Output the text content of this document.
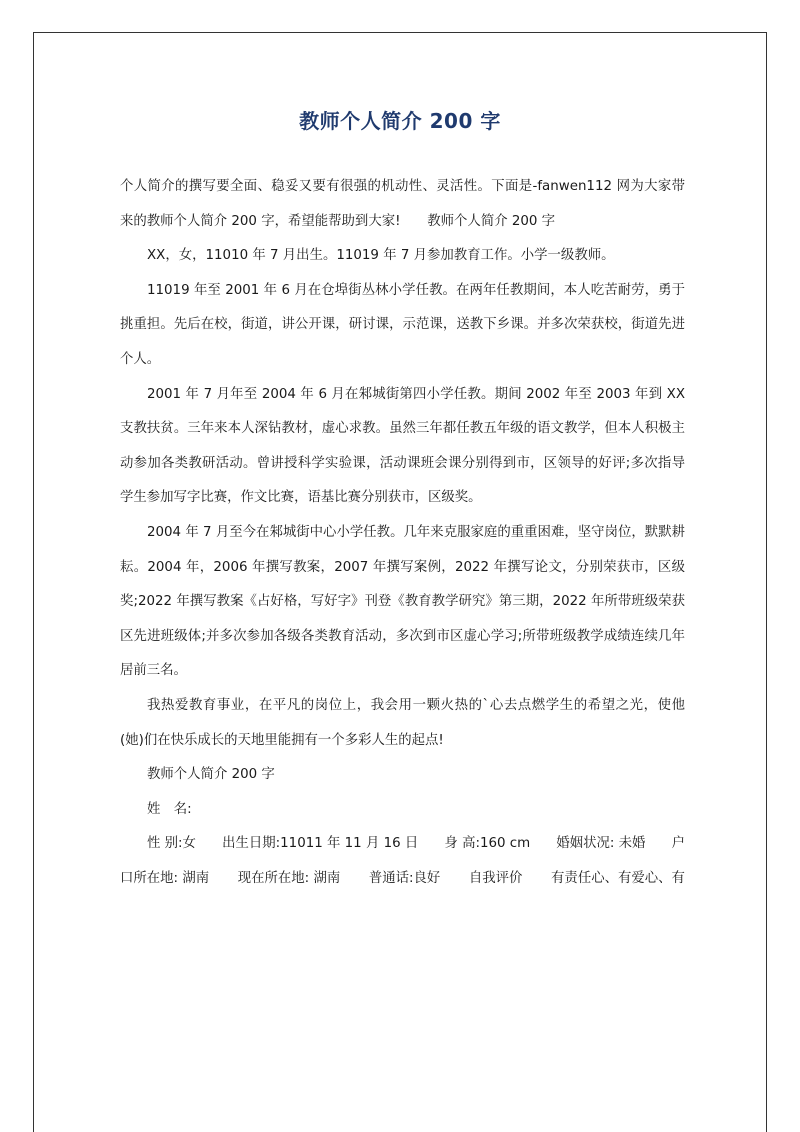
教师个人简介 200 字

个人简介的撰写要全面、稳妥又要有很强的机动性、灵活性。下面是-fanwen112 网为大家带来的教师个人简介 200 字，希望能帮助到大家!　　教师个人简介 200 字

XX，女，11010 年 7 月出生。11019 年 7 月参加教育工作。小学一级教师。

11019 年至 2001 年 6 月在仓埠街丛林小学任教。在两年任教期间，本人吃苦耐劳，勇于挑重担。先后在校，街道，讲公开课，研讨课，示范课，送教下乡课。并多次荣获校，街道先进个人。

2001 年 7 月年至 2004 年 6 月在邾城街第四小学任教。期间 2002 年至 2003 年到 XX 支教扶贫。三年来本人深钻教材，虚心求教。虽然三年都任教五年级的语文教学，但本人积极主动参加各类教研活动。曾讲授科学实验课，活动课班会课分别得到市，区领导的好评;多次指导学生参加写字比赛，作文比赛，语基比赛分别获市，区级奖。

2004 年 7 月至今在邾城街中心小学任教。几年来克服家庭的重重困难，坚守岗位，默默耕耘。2004 年，2006 年撰写教案，2007 年撰写案例，2022 年撰写论文，分别荣获市，区级奖;2022 年撰写教案《占好格，写好字》刊登《教育教学研究》第三期，2022 年所带班级荣获区先进班级体;并多次参加各级各类教育活动，多次到市区虚心学习;所带班级教学成绩连续几年居前三名。

我热爱教育事业，在平凡的岗位上，我会用一颗火热的`心去点燃学生的希望之光，使他(她)们在快乐成长的天地里能拥有一个多彩人生的起点!

教师个人简介 200 字

姓　名:

性 别:女 出生日期:11011 年 11 月 16 日 身 高:160 cm 婚姻状况: 未婚 户
口所在地: 湖南 现在所在地: 湖南 普通话:良好 自我评价 有责任心、有爱心、有
